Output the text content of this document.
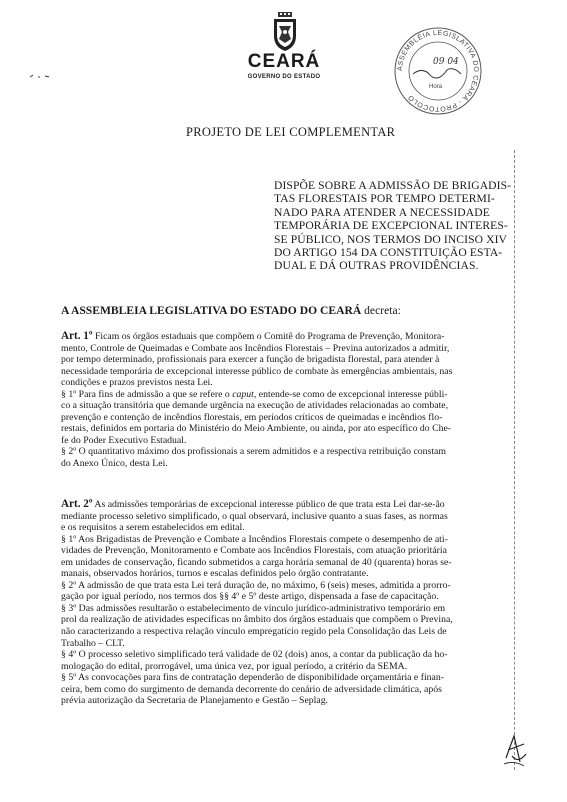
CEARÁ
GOVERNO DO ESTADO
ASSEMBLÉIA LEGISLATIVA DO CEARÁ - PROTOCOLO
09 04
Hora
PROJETO DE LEI COMPLEMENTAR
DISPÕE SOBRE A ADMISSÃO DE BRIGADIS-
TAS FLORESTAIS POR TEMPO DETERMI-
NADO PARA ATENDER A NECESSIDADE
TEMPORÁRIA DE EXCEPCIONAL INTERES-
SE PÚBLICO, NOS TERMOS DO INCISO XIV
DO ARTIGO 154 DA CONSTITUIÇÃO ESTA-
DUAL E DÁ OUTRAS PROVIDÊNCIAS.
A ASSEMBLEIA LEGISLATIVA DO ESTADO DO CEARÁ decreta:
Art. 1º Ficam os órgãos estaduais que compõem o Comitê do Programa de Prevenção, Monitora-
mento, Controle de Queimadas e Combate aos Incêndios Florestais – Previna autorizados a admitir,
por tempo determinado, profissionais para exercer a função de brigadista florestal, para atender à
necessidade temporária de excepcional interesse público de combate às emergências ambientais, nas
condições e prazos previstos nesta Lei.
§ 1º Para fins de admissão a que se refere o caput, entende-se como de excepcional interesse públi-
co a situação transitória que demande urgência na execução de atividades relacionadas ao combate,
prevenção e contenção de incêndios florestais, em períodos críticos de queimadas e incêndios flo-
restais, definidos em portaria do Ministério do Meio Ambiente, ou ainda, por ato específico do Che-
fe do Poder Executivo Estadual.
§ 2º O quantitativo máximo dos profissionais a serem admitidos e a respectiva retribuição constam
do Anexo Único, desta Lei.
Art. 2º As admissões temporárias de excepcional interesse público de que trata esta Lei dar-se-ão
mediante processo seletivo simplificado, o qual observará, inclusive quanto a suas fases, as normas
e os requisitos a serem estabelecidos em edital.
§ 1º Aos Brigadistas de Prevenção e Combate a Incêndios Florestais compete o desempenho de ati-
vidades de Prevenção, Monitoramento e Combate aos Incêndios Florestais, com atuação prioritária
em unidades de conservação, ficando submetidos a carga horária semanal de 40 (quarenta) horas se-
manais, observados horários, turnos e escalas definidos pelo órgão contratante.
§ 2º A admissão de que trata esta Lei terá duração de, no máximo, 6 (seis) meses, admitida a prorro-
gação por igual período, nos termos dos §§ 4º e 5º deste artigo, dispensada a fase de capacitação.
§ 3º Das admissões resultarão o estabelecimento de vínculo jurídico-administrativo temporário em
prol da realização de atividades específicas no âmbito dos órgãos estaduais que compõem o Previna,
não caracterizando a respectiva relação vínculo empregatício regido pela Consolidação das Leis de
Trabalho – CLT.
§ 4º O processo seletivo simplificado terá validade de 02 (dois) anos, a contar da publicação da ho-
mologação do edital, prorrogável, uma única vez, por igual período, a critério da SEMA.
§ 5º As convocações para fins de contratação dependerão de disponibilidade orçamentária e finan-
ceira, bem como do surgimento de demanda decorrente do cenário de adversidade climática, após
prévia autorização da Secretaria de Planejamento e Gestão – Seplag.
